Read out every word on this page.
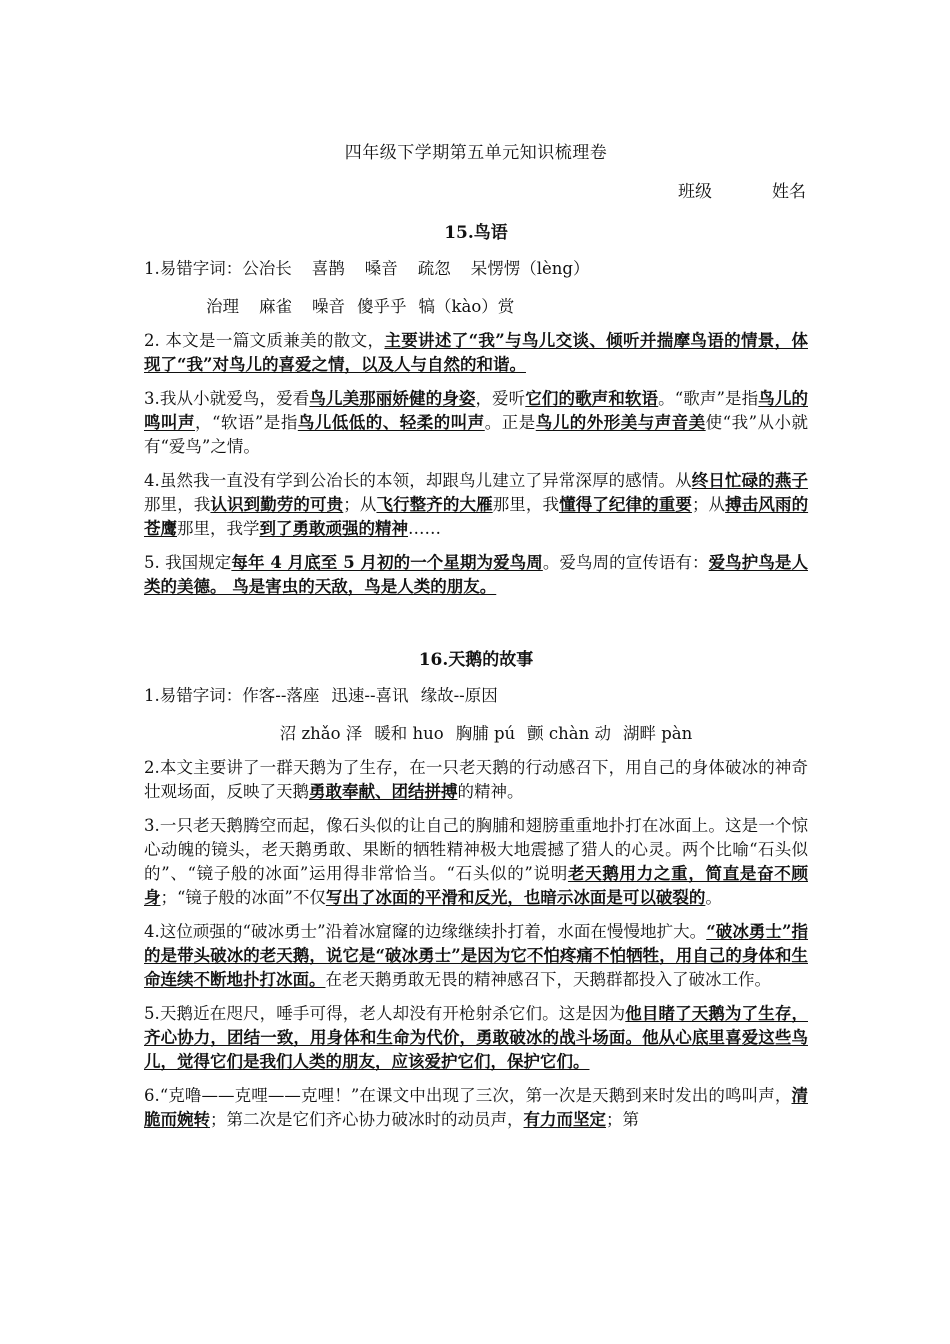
四年级下学期第五单元知识梳理卷
班级	姓名
15.鸟语

1.易错字词：公冶长 喜鹊 嗓音 疏忽 呆愣愣（lèng）

治理 麻雀 噪音 傻乎乎 犒（kào）赏

2. 本文是一篇文质兼美的散文，主要讲述了“我”与鸟儿交谈、倾听并揣摩鸟语的情景，体现了“我”对鸟儿的喜爱之情，以及人与自然的和谐。

3.我从小就爱鸟，爱看鸟儿美那丽娇健的身姿，爱听它们的歌声和软语。“歌声”是指鸟儿的鸣叫声，“软语”是指鸟儿低低的、轻柔的叫声。正是鸟儿的外形美与声音美使“我”从小就有“爱鸟”之情。

4.虽然我一直没有学到公冶长的本领，却跟鸟儿建立了异常深厚的感情。从终日忙碌的燕子那里，我认识到勤劳的可贵；从飞行整齐的大雁那里，我懂得了纪律的重要；从搏击风雨的苍鹰那里，我学到了勇敢顽强的精神……

5. 我国规定每年 4 月底至 5 月初的一个星期为爱鸟周。爱鸟周的宣传语有：爱鸟护鸟是人类的美德。 鸟是害虫的天敌，鸟是人类的朋友。

16.天鹅的故事

1.易错字词：作客--落座 迅速--喜讯 缘故--原因

沼 zhǎo 泽 暖和 huo 胸脯 pú 颤 chàn 动 湖畔 pàn

2.本文主要讲了一群天鹅为了生存，在一只老天鹅的行动感召下，用自己的身体破冰的神奇壮观场面，反映了天鹅勇敢奉献、团结拼搏的精神。

3.一只老天鹅腾空而起，像石头似的让自己的胸脯和翅膀重重地扑打在冰面上。这是一个惊心动魄的镜头，老天鹅勇敢、果断的牺牲精神极大地震撼了猎人的心灵。两个比喻“石头似的”、“镜子般的冰面”运用得非常恰当。“石头似的”说明老天鹅用力之重，简直是奋不顾身；“镜子般的冰面”不仅写出了冰面的平滑和反光，也暗示冰面是可以破裂的。

4.这位顽强的“破冰勇士”沿着冰窟窿的边缘继续扑打着，水面在慢慢地扩大。“破冰勇士”指的是带头破冰的老天鹅，说它是“破冰勇士”是因为它不怕疼痛不怕牺牲，用自己的身体和生命连续不断地扑打冰面。在老天鹅勇敢无畏的精神感召下，天鹅群都投入了破冰工作。

5.天鹅近在咫尺，唾手可得，老人却没有开枪射杀它们。这是因为他目睹了天鹅为了生存，齐心协力，团结一致，用身体和生命为代价，勇敢破冰的战斗场面。他从心底里喜爱这些鸟儿，觉得它们是我们人类的朋友，应该爱护它们，保护它们。

6.“克噜——克哩——克哩！”在课文中出现了三次，第一次是天鹅到来时发出的鸣叫声，清脆而婉转；第二次是它们齐心协力破冰时的动员声，有力而坚定；第
